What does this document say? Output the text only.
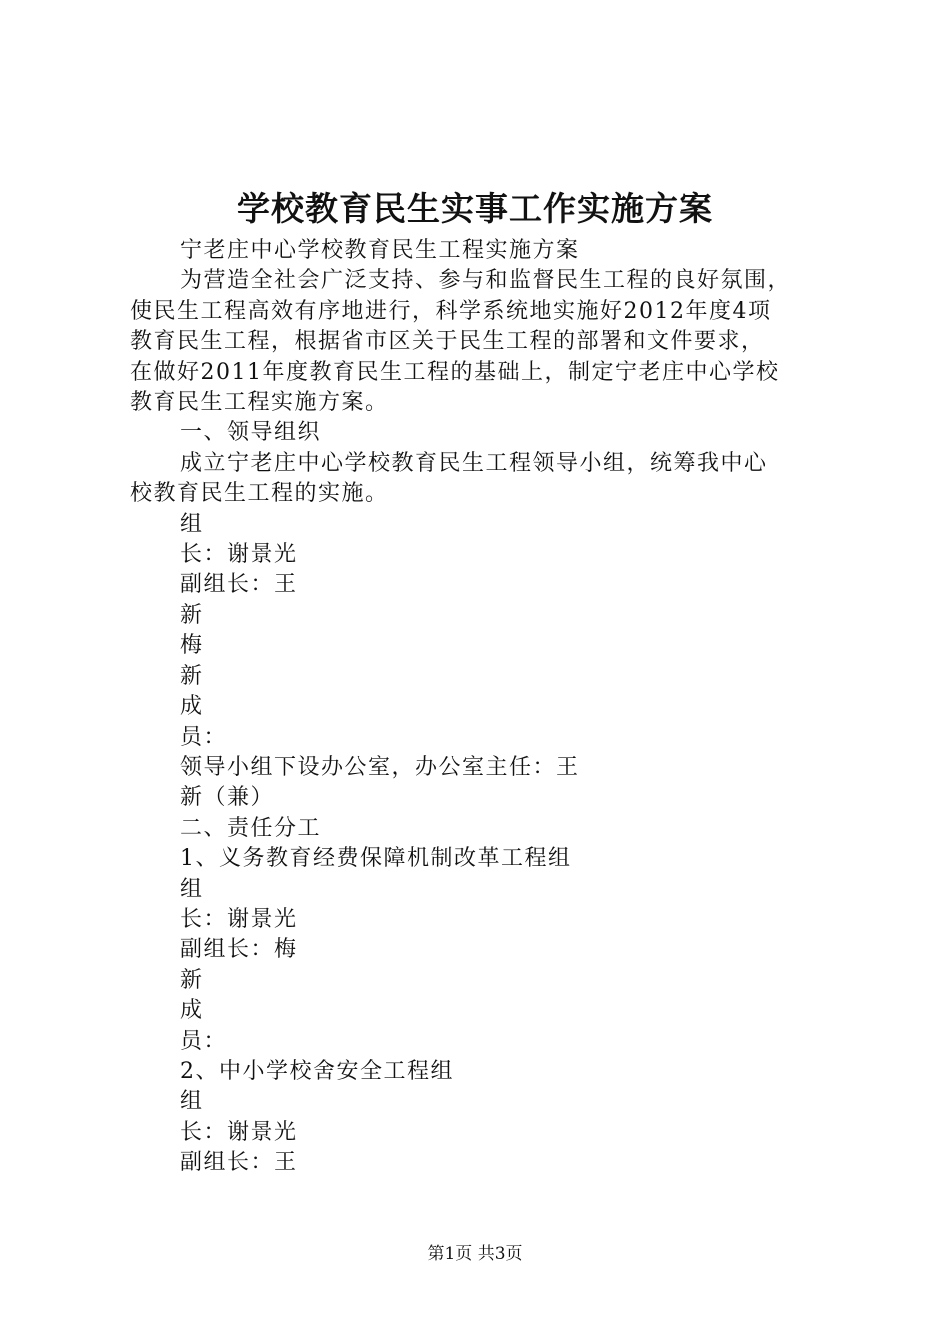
学校教育民生实事工作实施方案

宁老庄中心学校教育民生工程实施方案

为营造全社会广泛支持、参与和监督民生工程的良好氛围，

使民生工程高效有序地进行，科学系统地实施好2012年度4项

教育民生工程，根据省市区关于民生工程的部署和文件要求，

在做好2011年度教育民生工程的基础上，制定宁老庄中心学校

教育民生工程实施方案。

一、领导组织

成立宁老庄中心学校教育民生工程领导小组，统筹我中心

校教育民生工程的实施。

组

长：谢景光

副组长：王

新

梅

新

成

员：

领导小组下设办公室，办公室主任：王

新（兼）

二、责任分工

1、义务教育经费保障机制改革工程组

组

长：谢景光

副组长：梅

新

成

员：

2、中小学校舍安全工程组

组

长：谢景光

副组长：王

第1页 共3页
